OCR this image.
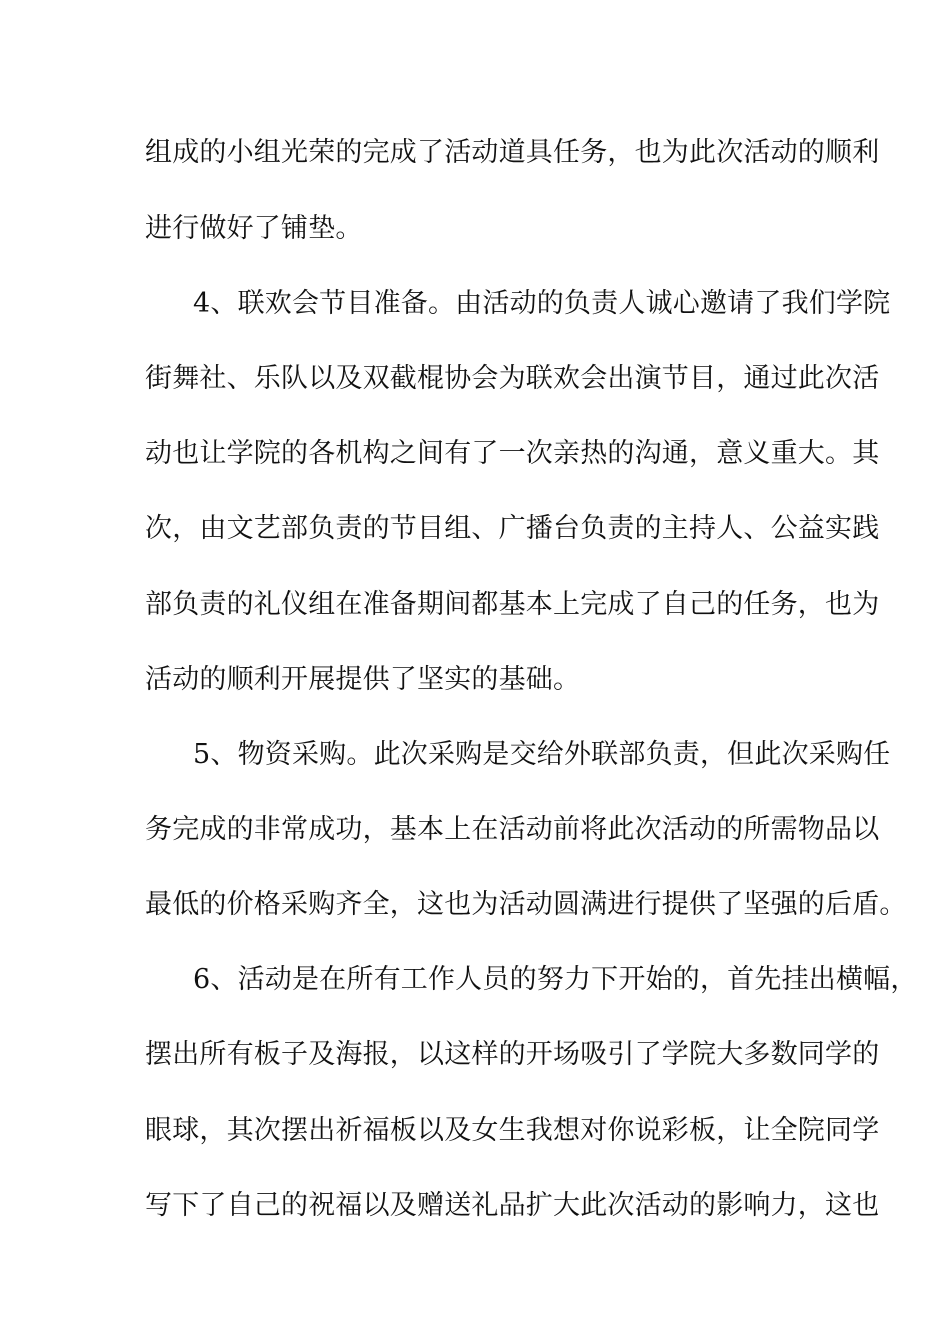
组成的小组光荣的完成了活动道具任务，也为此次活动的顺利
进行做好了铺垫。
4、联欢会节目准备。由活动的负责人诚心邀请了我们学院
街舞社、乐队以及双截棍协会为联欢会出演节目，通过此次活
动也让学院的各机构之间有了一次亲热的沟通，意义重大。其
次，由文艺部负责的节目组、广播台负责的主持人、公益实践
部负责的礼仪组在准备期间都基本上完成了自己的任务，也为
活动的顺利开展提供了坚实的基础。
5、物资采购。此次采购是交给外联部负责，但此次采购任
务完成的非常成功，基本上在活动前将此次活动的所需物品以
最低的价格采购齐全，这也为活动圆满进行提供了坚强的后盾。
6、活动是在所有工作人员的努力下开始的，首先挂出横幅，
摆出所有板子及海报，以这样的开场吸引了学院大多数同学的
眼球，其次摆出祈福板以及女生我想对你说彩板，让全院同学
写下了自己的祝福以及赠送礼品扩大此次活动的影响力，这也
